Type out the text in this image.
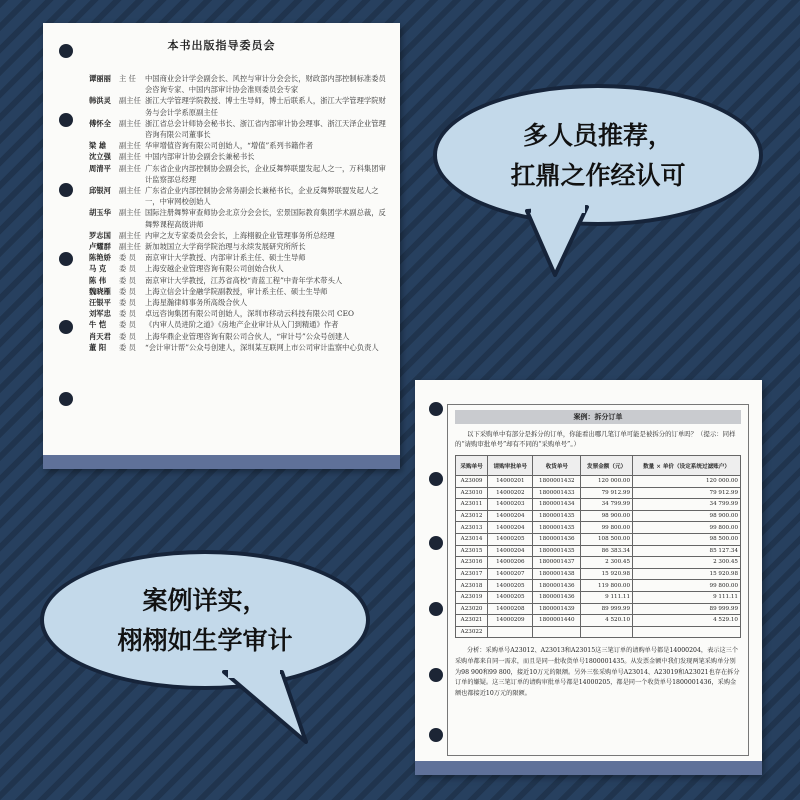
本书出版指导委员会
谭丽丽	主 任	中国商业会计学会副会长、风控与审计分会会长，财政部内部控制标准委员会咨询专家、中国内部审计协会准则委员会专家
韩洪灵	副主任 浙江大学管理学院教授、博士生导师，博士后联系人，浙江大学管理学院财务与会计学系原副主任
傅怀全	副主任 浙江省总会计师协会秘书长、浙江省内部审计协会理事、浙江天泽企业管理咨询有限公司董事长
梁 雄	副主任 华审增值咨询有限公司创始人，“增值”系列书籍作者
沈立强	副主任 中国内部审计协会副会长兼秘书长
周清平	副主任 广东省企业内部控制协会副会长，企业反舞弊联盟发起人之一，万科集团审计监察部总经理
邱银河	副主任 广东省企业内部控制协会常务副会长兼秘书长，企业反舞弊联盟发起人之一，中审网校创始人
胡玉华	副主任 国际注册舞弊审查师协会北京分会会长，宏景国际教育集团学术副总裁，反舞弊课程高级讲师
罗志国	副主任 内审之友专家委员会会长，上海栩毅企业管理事务所总经理
卢耀群	副主任 新加坡国立大学商学院治理与永续发展研究所所长
陈艳娇	委 员	南京审计大学教授、内部审计系主任、硕士生导师
马 克	委 员	上海安越企业管理咨询有限公司创始合伙人
陈 伟	委 员	南京审计大学教授，江苏省高校“青蓝工程”中青年学术带头人
魏晓雁	委 员	上海立信会计金融学院副教授，审计系主任、硕士生导师
汪银平	委 员	上海星瀚律师事务所高级合伙人
刘军忠	委 员	卓远咨询集团有限公司创始人，深圳市移动云科技有限公司 CEO
牛 恺	委 员	《内审人员进阶之道》《房地产企业审计从入门到精通》作者
肖天君	委 员	上海华鼎企业管理咨询有限公司合伙人，“审计号”公众号创建人
董 阳	委 员	“会计审计帮”公众号创建人，深圳某互联网上市公司审计监察中心负责人
多人员推荐，
扛鼎之作经认可
案例：拆分订单
以下采购单中有部分是拆分的订单，你能看出哪几笔订单可能是被拆分的订单吗？（提示：同样的“请购审批单号”却有不同的“采购单号”。）
采购单号	请购审批单号	收货单号	发票金额（元）	数量 × 单价（设定系统过滤账户）
A23009	14000201	1800001432	120 000.00	120 000.00
A23010	14000202	1800001433	79 912.99	79 912.99
A23011	14000203	1800001434	34 799.99	34 799.99
A23012	14000204	1800001435	98 900.00	98 900.00
A23013	14000204	1800001435	99 800.00	99 800.00
A23014	14000205	1800001436	108 500.00	98 500.00
A23015	14000204	1800001435	86 383.34	85 127.34
A23016	14000206	1800001437	2 300.45	2 300.45
A23017	14000207	1800001438	15 920.98	15 920.98
A23018	14000205	1800001436	119 800.00	99 800.00
A23019	14000205	1800001436	9 111.11	9 111.11
A23020	14000208	1800001439	89 999.99	89 999.99
A23021	14000209	1800001440	4 520.10	4 529.10
A23022				
分析：采购单号A23012、A23013和A23015这三笔订单的请购单号都是14000204，表示这三个采购单都来自同一需求，而且是同一批收货单号1800001435。从发票金额中我们发现两笔采购单分别为98 900和99 800，接近10万元的限额。另外三张采购单号A23014、A23019和A23021也存在拆分订单的嫌疑。这三笔订单的请购审批单号都是14000205，都是同一个收货单号1800001436，采购金额也都接近10万元的限额。
案例详实，
栩栩如生学审计
